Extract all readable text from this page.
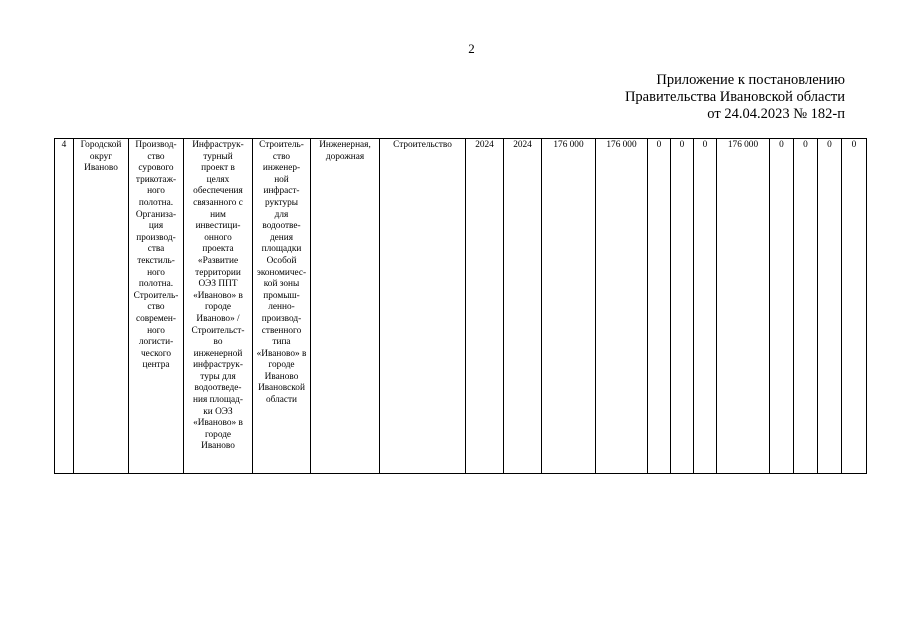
2
Приложение к постановлению
Правительства Ивановской области
от 24.04.2023 № 182-п
4	Городской
округ
Иваново

Производ-
ство
сурового
трикотаж-
ного
полотна.
Организа-
ция
производ-
ства
текстиль-
ного
полотна.
Строитель-
ство
современ-
ного
логисти-
ческого
центра

Инфраструк-
турный
проект в
целях
обеспечения
связанного с
ним
инвестици-
онного
проекта
«Развитие
территории
ОЭЗ ППТ
«Иваново» в
городе
Иваново» /
Строительст-
во
инженерной
инфраструк-
туры для
водоотведе-
ния площад-
ки ОЭЗ
«Иваново» в
городе
Иваново

Строитель-
ство
инженер-
ной
инфраст-
руктуры
для
водоотве-
дения
площадки
Особой
экономичес-
кой зоны
промыш-
ленно-
производ-
ственного
типа
«Иваново» в
городе
Иваново
Ивановской
области

Инженерная,
дорожная

Строительство	2024	2024	176 000	176 000	0	0	0	176 000	0	0	0	0
